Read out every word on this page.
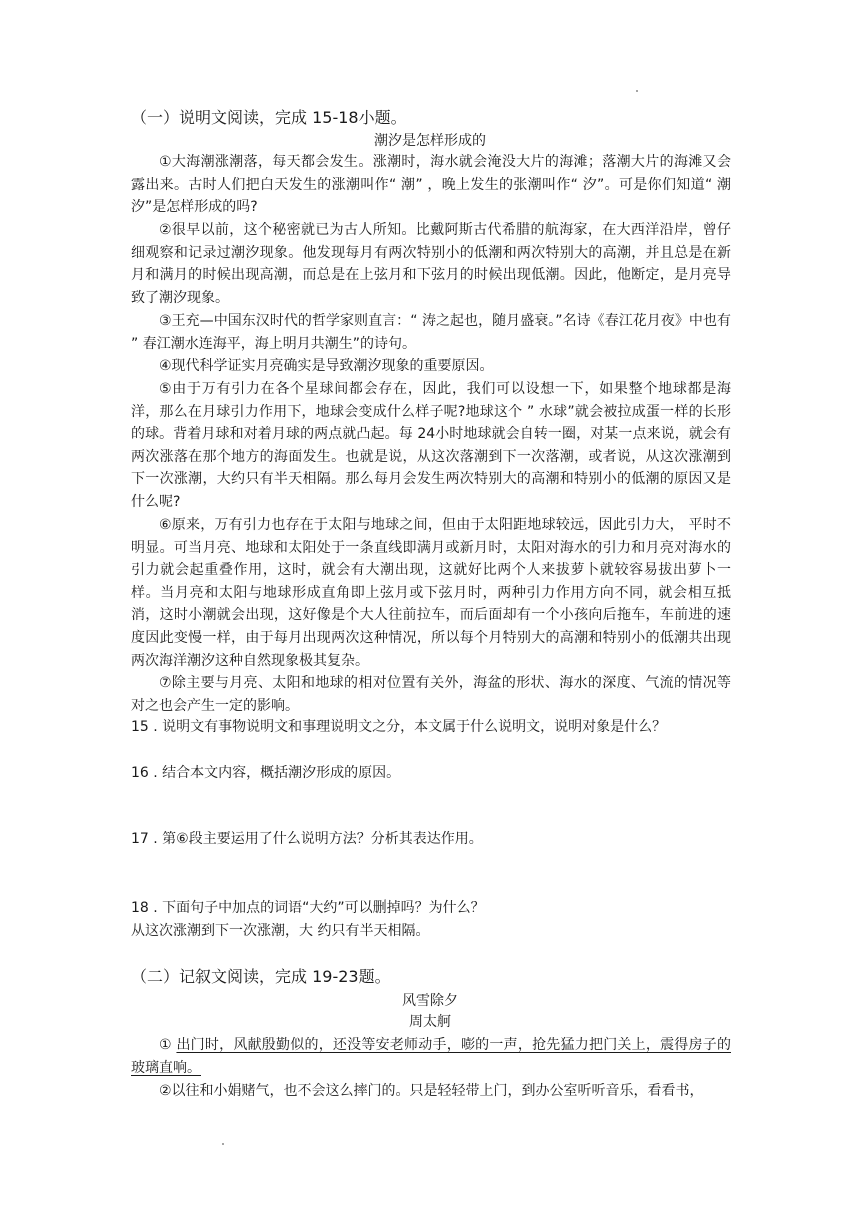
（一）说明文阅读，完成 15-18小题。
潮汐是怎样形成的
①大海潮涨潮落，每天都会发生。涨潮时，海水就会淹没大片的海滩；落潮大片的海滩又会露出来。古时人们把白天发生的涨潮叫作“ 潮” ，晚上发生的张潮叫作“ 汐”。可是你们知道“ 潮汐”是怎样形成的吗?
②很早以前，这个秘密就已为古人所知。比戴阿斯古代希腊的航海家，在大西洋沿岸，曾仔细观察和记录过潮汐现象。他发现每月有两次特别小的低潮和两次特别大的高潮，并且总是在新月和满月的时候出现高潮，而总是在上弦月和下弦月的时候出现低潮。因此，他断定，是月亮导致了潮汐现象。
③王充—中国东汉时代的哲学家则直言：“ 涛之起也，随月盛衰。”名诗《春江花月夜》中也有 ” 春江潮水连海平，海上明月共潮生”的诗句。
④现代科学证实月亮确实是导致潮汐现象的重要原因。
⑤由于万有引力在各个星球间都会存在，因此，我们可以设想一下，如果整个地球都是海洋，那么在月球引力作用下，地球会变成什么样子呢?地球这个 ” 水球”就会被拉成蛋一样的长形的球。背着月球和对着月球的两点就凸起。每 24小时地球就会自转一圈，对某一点来说，就会有两次涨落在那个地方的海面发生。也就是说，从这次落潮到下一次落潮，或者说，从这次涨潮到下一次涨潮，大约只有半天相隔。那么每月会发生两次特别大的高潮和特别小的低潮的原因又是什么呢?
⑥原来，万有引力也存在于太阳与地球之间，但由于太阳距地球较远，因此引力大， 平时不明显。可当月亮、地球和太阳处于一条直线即满月或新月时，太阳对海水的引力和月亮对海水的引力就会起重叠作用，这时，就会有大潮出现，这就好比两个人来拔萝卜就较容易拔出萝卜一样。当月亮和太阳与地球形成直角即上弦月或下弦月时，两种引力作用方向不同，就会相互抵消，这时小潮就会出现，这好像是个大人往前拉车，而后面却有一个小孩向后拖车，车前进的速度因此变慢一样，由于每月出现两次这种情况，所以每个月特别大的高潮和特别小的低潮共出现两次海洋潮汐这种自然现象极其复杂。
⑦除主要与月亮、太阳和地球的相对位置有关外，海盆的形状、海水的深度、气流的情况等对之也会产生一定的影响。
15 . 说明文有事物说明文和事理说明文之分，本文属于什么说明文，说明对象是什么？
16 . 结合本文内容，概括潮汐形成的原因。
17 . 第⑥段主要运用了什么说明方法？分析其表达作用。
18 . 下面句子中加点的词语“大约”可以删掉吗？为什么？
从这次涨潮到下一次涨潮，大 约只有半天相隔。
（二）记叙文阅读，完成 19-23题。
风雪除夕
周太舸
① 出门时，风献殷勤似的，还没等安老师动手，嘭的一声，抢先猛力把门关上，震得房子的玻璃直响。
②以往和小娟赌气，也不会这么摔门的。只是轻轻带上门，到办公室听听音乐，看看书，
